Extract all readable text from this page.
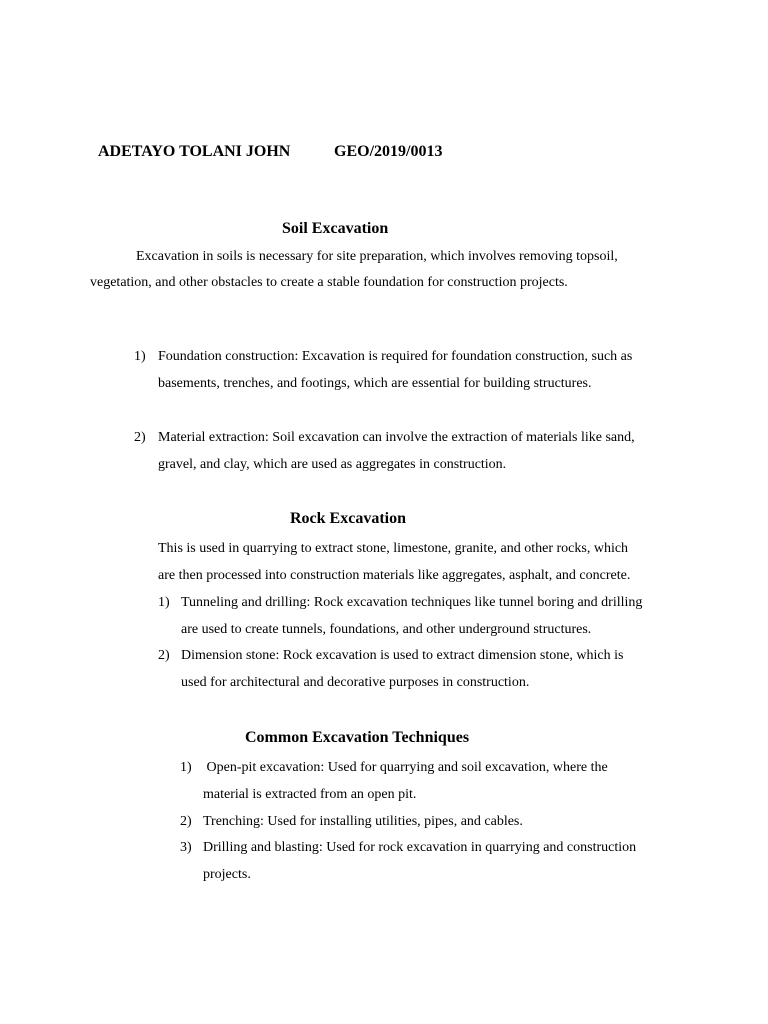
ADETAYO TOLANI JOHN	GEO/2019/0013
Soil Excavation
Excavation in soils is necessary for site preparation, which involves removing topsoil,
vegetation, and other obstacles to create a stable foundation for construction projects.
1) Foundation construction: Excavation is required for foundation construction, such as
basements, trenches, and footings, which are essential for building structures.
2) Material extraction: Soil excavation can involve the extraction of materials like sand,
gravel, and clay, which are used as aggregates in construction.
Rock Excavation
This is used in quarrying to extract stone, limestone, granite, and other rocks, which
are then processed into construction materials like aggregates, asphalt, and concrete.
1) Tunneling and drilling: Rock excavation techniques like tunnel boring and drilling
are used to create tunnels, foundations, and other underground structures.
2) Dimension stone: Rock excavation is used to extract dimension stone, which is
used for architectural and decorative purposes in construction.
Common Excavation Techniques
1) Open-pit excavation: Used for quarrying and soil excavation, where the
material is extracted from an open pit.
2) Trenching: Used for installing utilities, pipes, and cables.
3) Drilling and blasting: Used for rock excavation in quarrying and construction
projects.
